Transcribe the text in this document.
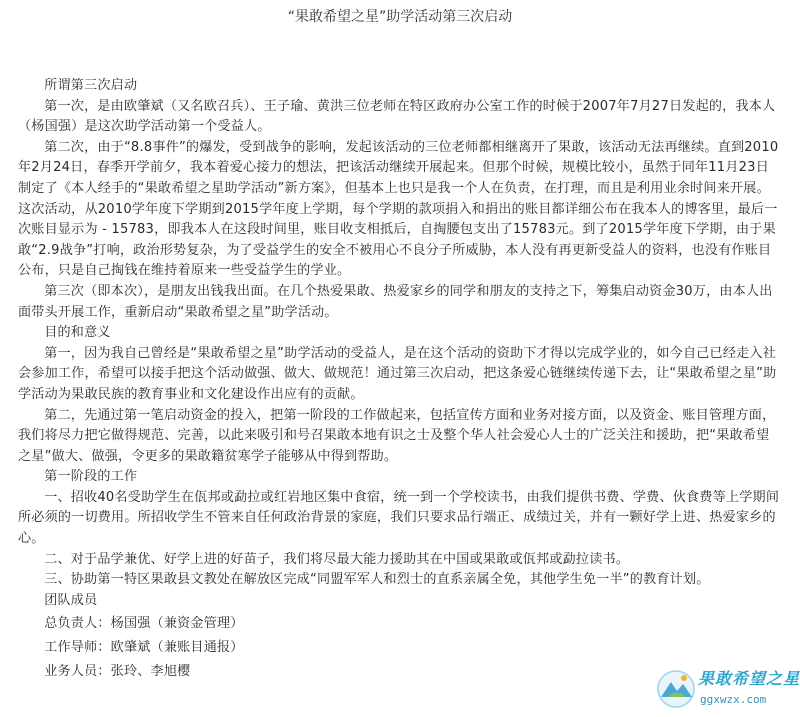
“果敢希望之星”助学活动第三次启动

所谓第三次启动

第一次，是由欧肇斌（又名欧召兵）、王子瑜、黄洪三位老师在特区政府办公室工作的时候于2007年7月27日发起的，我本人（杨国强）是这次助学活动第一个受益人。

第二次，由于“8.8事件”的爆发，受到战争的影响，发起该活动的三位老师都相继离开了果敢，该活动无法再继续。直到2010年2月24日，春季开学前夕，我本着爱心接力的想法，把该活动继续开展起来。但那个时候，规模比较小，虽然于同年11月23日制定了《本人经手的“果敢希望之星助学活动”新方案》，但基本上也只是我一个人在负责，在打理，而且是利用业余时间来开展。这次活动，从2010学年度下学期到2015学年度上学期，每个学期的款项捐入和捐出的账目都详细公布在我本人的博客里，最后一次账目显示为 - 15783，即我本人在这段时间里，账目收支相抵后，自掏腰包支出了15783元。到了2015学年度下学期，由于果敢“2.9战争”打响，政治形势复杂，为了受益学生的安全不被用心不良分子所威胁，本人没有再更新受益人的资料，也没有作账目公布，只是自己掏钱在维持着原来一些受益学生的学业。

第三次（即本次），是朋友出钱我出面。在几个热爱果敢、热爱家乡的同学和朋友的支持之下，筹集启动资金30万，由本人出面带头开展工作，重新启动“果敢希望之星”助学活动。

目的和意义

第一，因为我自己曾经是“果敢希望之星”助学活动的受益人，是在这个活动的资助下才得以完成学业的，如今自己已经走入社会参加工作，希望可以接手把这个活动做强、做大、做规范！通过第三次启动，把这条爱心链继续传递下去，让“果敢希望之星”助学活动为果敢民族的教育事业和文化建设作出应有的贡献。

第二，先通过第一笔启动资金的投入，把第一阶段的工作做起来，包括宣传方面和业务对接方面，以及资金、账目管理方面，我们将尽力把它做得规范、完善，以此来吸引和号召果敢本地有识之士及整个华人社会爱心人士的广泛关注和援助，把“果敢希望之星”做大、做强，令更多的果敢籍贫寒学子能够从中得到帮助。

第一阶段的工作

一、招收40名受助学生在佤邦或勐拉或红岩地区集中食宿，统一到一个学校读书，由我们提供书费、学费、伙食费等上学期间所必须的一切费用。所招收学生不管来自任何政治背景的家庭，我们只要求品行端正、成绩过关，并有一颗好学上进、热爱家乡的心。

二、对于品学兼优、好学上进的好苗子，我们将尽最大能力援助其在中国或果敢或佤邦或勐拉读书。

三、协助第一特区果敢县文教处在解放区完成“同盟军军人和烈士的直系亲属全免，其他学生免一半”的教育计划。

团队成员

总负责人：杨国强（兼资金管理）

工作导师：欧肇斌（兼账目通报）

业务人员：张玲、李旭樱	果敢希望之星
ggxwzx.com
